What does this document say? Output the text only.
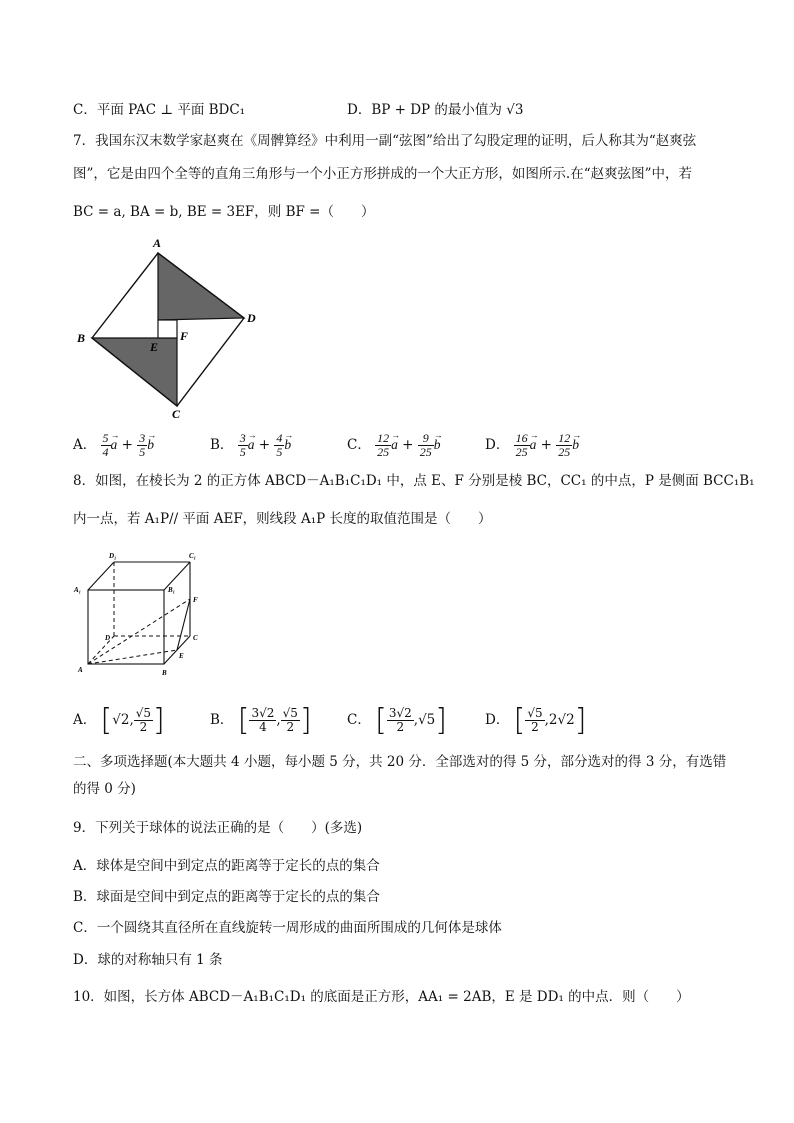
C．平面 PAC ⊥ 平面 BDC₁	D．BP + DP 的最小值为 √3
7．我国东汉末数学家赵爽在《周髀算经》中利用一副“弦图”给出了勾股定理的证明，后人称其为“赵爽弦
图”，它是由四个全等的直角三角形与一个小正方形拼成的一个大正方形，如图所示.在“赵爽弦图”中，若
BC = a, BA = b, BE = 3EF，则 BF =（　　）
A
D
B
E
F
C
A． $\frac{5}{4}$
→ $a + \frac{3}{5}$
→ b	B． $\frac{3}{5}$
→ $a + \frac{4}{5}$
→ b	C． $\frac{12}{25}$
→ $a + \frac{9}{25}$
→ b	D． $\frac{16}{25}$
→ $a + \frac{12}{25}$
→ b
8．如图，在棱长为 2 的正方体 ABCD－A₁B₁C₁D₁ 中，点 E、F 分别是棱 BC，CC₁ 的中点，P 是侧面 BCC₁B₁
内一点，若 A₁P// 平面 AEF，则线段 A₁P 长度的取值范围是（　　）
D₁	C₁
A₁	B₁
F
D	C
E
A	B
A． [√2, $\frac{√5}{2}$ ]	B． [ $\frac{3√2}{4}$ , $\frac{√5}{2}$ ]	C． [ $\frac{3√2}{2} ,√5$]	D． [ $\frac{√5}{2} ,2√2$]
二、多项选择题(本大题共 4 小题，每小题 5 分，共 20 分．全部选对的得 5 分，部分选对的得 3 分，有选错
的得 0 分)
9．下列关于球体的说法正确的是（　　）(多选)
A．球体是空间中到定点的距离等于定长的点的集合
B．球面是空间中到定点的距离等于定长的点的集合
C．一个圆绕其直径所在直线旋转一周形成的曲面所围成的几何体是球体
D．球的对称轴只有 1 条
10．如图，长方体 ABCD－A₁B₁C₁D₁ 的底面是正方形，AA₁ = 2AB，E 是 DD₁ 的中点．则（　　）
